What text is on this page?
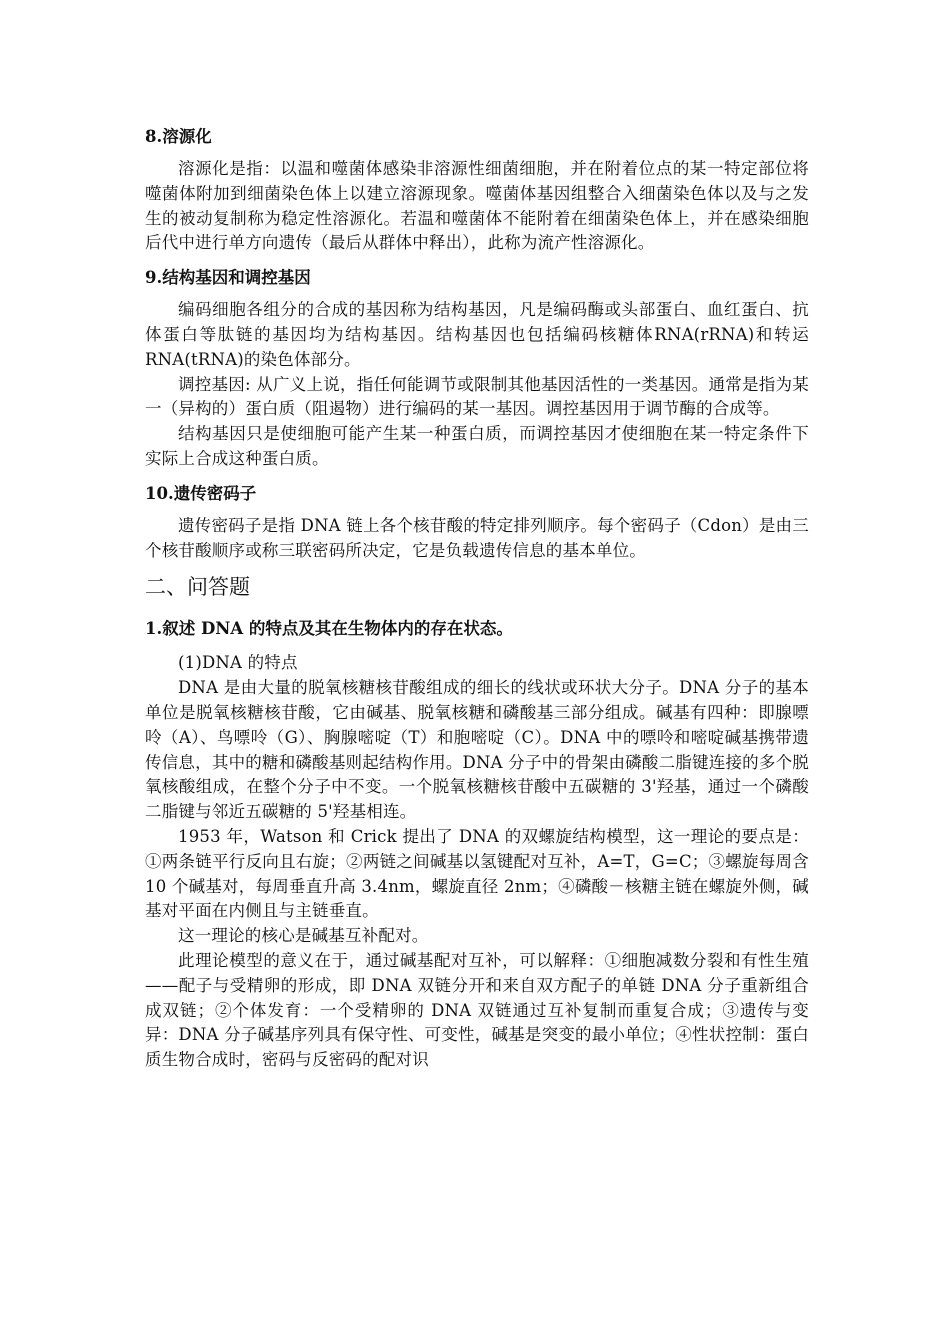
8.溶源化

溶源化是指：以温和噬菌体感染非溶源性细菌细胞，并在附着位点的某一特定部位将噬菌体附加到细菌染色体上以建立溶源现象。噬菌体基因组整合入细菌染色体以及与之发生的被动复制称为稳定性溶源化。若温和噬菌体不能附着在细菌染色体上，并在感染细胞后代中进行单方向遗传（最后从群体中释出），此称为流产性溶源化。

9.结构基因和调控基因

编码细胞各组分的合成的基因称为结构基因，凡是编码酶或头部蛋白、血红蛋白、抗体蛋白等肽链的基因均为结构基因。结构基因也包括编码核糖体RNA(rRNA)和转运 RNA(tRNA)的染色体部分。

调控基因: 从广义上说，指任何能调节或限制其他基因活性的一类基因。通常是指为某一（异构的）蛋白质（阻遏物）进行编码的某一基因。调控基因用于调节酶的合成等。

结构基因只是使细胞可能产生某一种蛋白质，而调控基因才使细胞在某一特定条件下实际上合成这种蛋白质。

10.遗传密码子

遗传密码子是指 DNA 链上各个核苷酸的特定排列顺序。每个密码子（Cdon）是由三个核苷酸顺序或称三联密码所决定，它是负载遗传信息的基本单位。

二、问答题
1.叙述 DNA 的特点及其在生物体内的存在状态。

(1)DNA 的特点

DNA 是由大量的脱氧核糖核苷酸组成的细长的线状或环状大分子。DNA 分子的基本单位是脱氧核糖核苷酸，它由碱基、脱氧核糖和磷酸基三部分组成。碱基有四种：即腺嘌呤（A）、鸟嘌呤（G）、胸腺嘧啶（T）和胞嘧啶（C）。DNA 中的嘌呤和嘧啶碱基携带遗传信息，其中的糖和磷酸基则起结构作用。DNA 分子中的骨架由磷酸二脂键连接的多个脱氧核酸组成，在整个分子中不变。一个脱氧核糖核苷酸中五碳糖的 3'羟基，通过一个磷酸二脂键与邻近五碳糖的 5'羟基相连。

1953 年，Watson 和 Crick 提出了 DNA 的双螺旋结构模型，这一理论的要点是：①两条链平行反向且右旋；②两链之间碱基以氢键配对互补，A=T，G=C；③螺旋每周含 10 个碱基对，每周垂直升高 3.4nm，螺旋直径 2nm；④磷酸－核糖主链在螺旋外侧，碱基对平面在内侧且与主链垂直。

这一理论的核心是碱基互补配对。

此理论模型的意义在于，通过碱基配对互补，可以解释：①细胞减数分裂和有性生殖——配子与受精卵的形成，即 DNA 双链分开和来自双方配子的单链 DNA 分子重新组合成双链；②个体发育：一个受精卵的 DNA 双链通过互补复制而重复合成；③遗传与变异：DNA 分子碱基序列具有保守性、可变性，碱基是突变的最小单位；④性状控制：蛋白质生物合成时，密码与反密码的配对识
